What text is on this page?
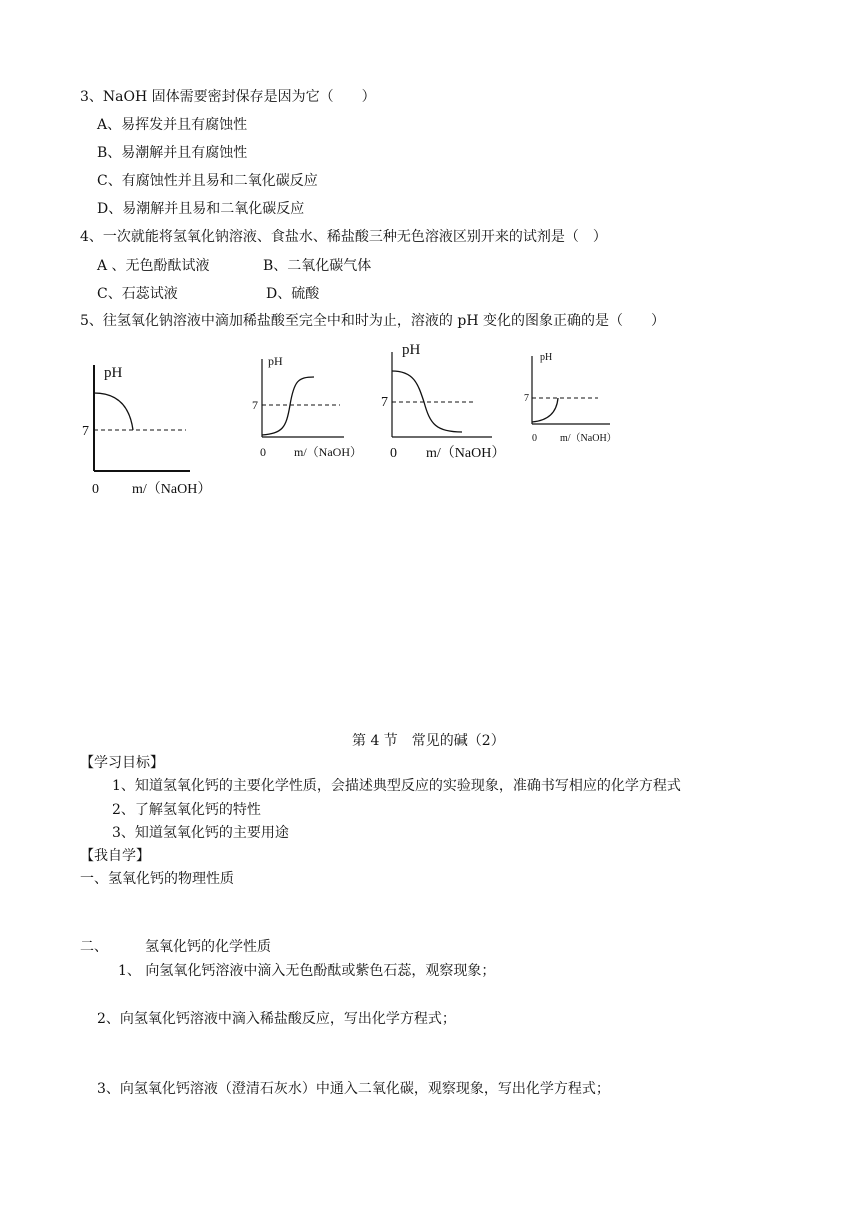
3、NaOH 固体需要密封保存是因为它（　　）
A、易挥发并且有腐蚀性
B、易潮解并且有腐蚀性
C、有腐蚀性并且易和二氧化碳反应
D、易潮解并且易和二氧化碳反应
4、一次就能将氢氧化钠溶液、食盐水、稀盐酸三种无色溶液区别开来的试剂是（　）
A 、无色酚酞试液	B、二氧化碳气体
C、石蕊试液	D、硫酸
5、往氢氧化钠溶液中滴加稀盐酸至完全中和时为止，溶液的 pH 变化的图象正确的是（　　）
pH
7
0 m/（NaOH）
pH
7
0 m/（NaOH）
pH
7
0 m/（NaOH）
pH
7
0 m/（NaOH）
第 4 节　常见的碱（2）
【学习目标】
1、知道氢氧化钙的主要化学性质，会描述典型反应的实验现象，准确书写相应的化学方程式
2、了解氢氧化钙的特性
3、知道氢氧化钙的主要用途
【我自学】
一、氢氧化钙的物理性质
二、	氢氧化钙的化学性质
1、 向氢氧化钙溶液中滴入无色酚酞或紫色石蕊，观察现象；
2、向氢氧化钙溶液中滴入稀盐酸反应，写出化学方程式；
3、向氢氧化钙溶液（澄清石灰水）中通入二氧化碳，观察现象，写出化学方程式；
